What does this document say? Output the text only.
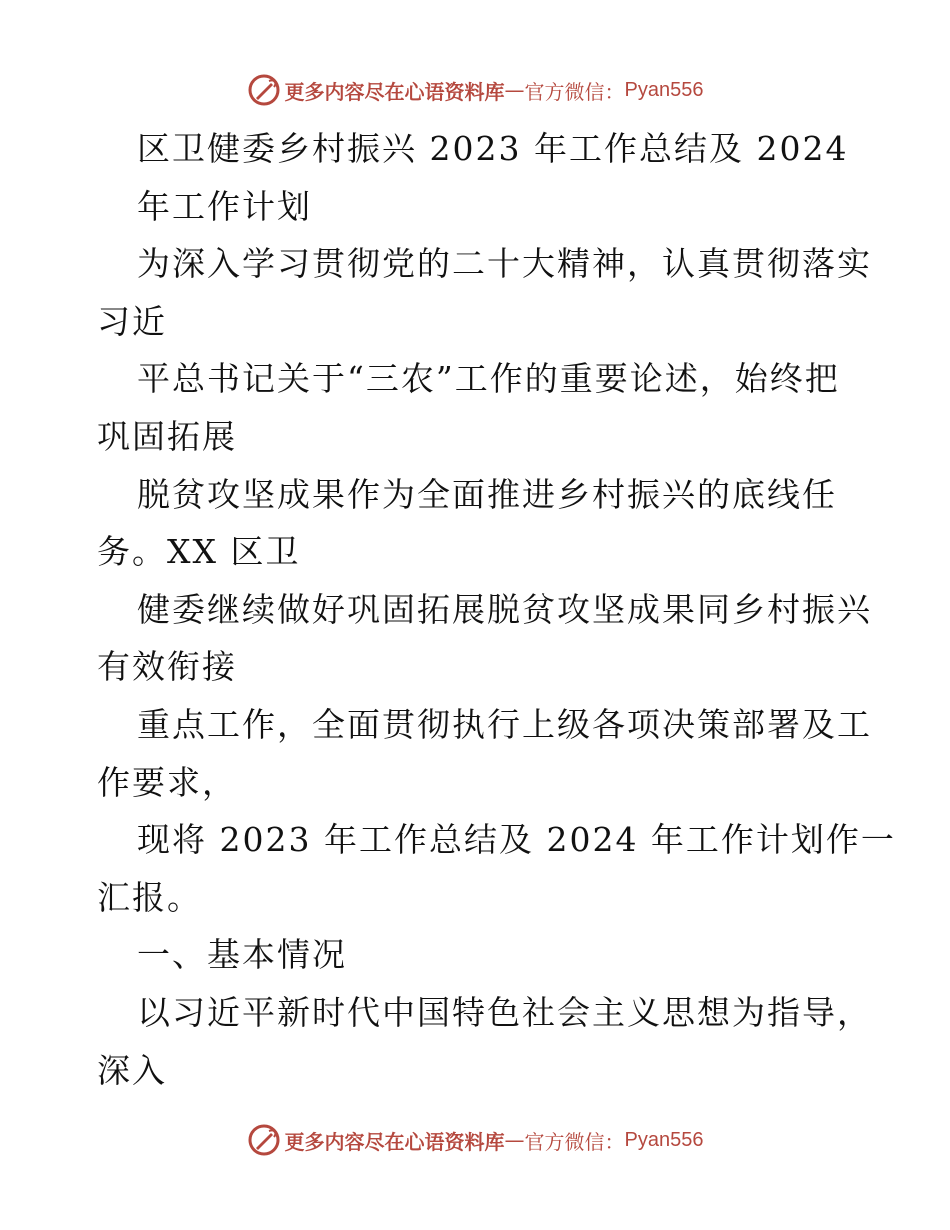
更多内容尽在心语资料库 — 官方微信： Pyan556
区卫健委乡村振兴 2023 年工作总结及 2024
年工作计划
为深入学习贯彻党的二十大精神，认真贯彻落实
习近
平总书记关于“三农”工作的重要论述，始终把
巩固拓展
脱贫攻坚成果作为全面推进乡村振兴的底线任
务。XX 区卫
健委继续做好巩固拓展脱贫攻坚成果同乡村振兴
有效衔接
重点工作，全面贯彻执行上级各项决策部署及工
作要求，
现将 2023 年工作总结及 2024 年工作计划作一
汇报。
一、基本情况
以习近平新时代中国特色社会主义思想为指导，
深入
更多内容尽在心语资料库 — 官方微信： Pyan556
